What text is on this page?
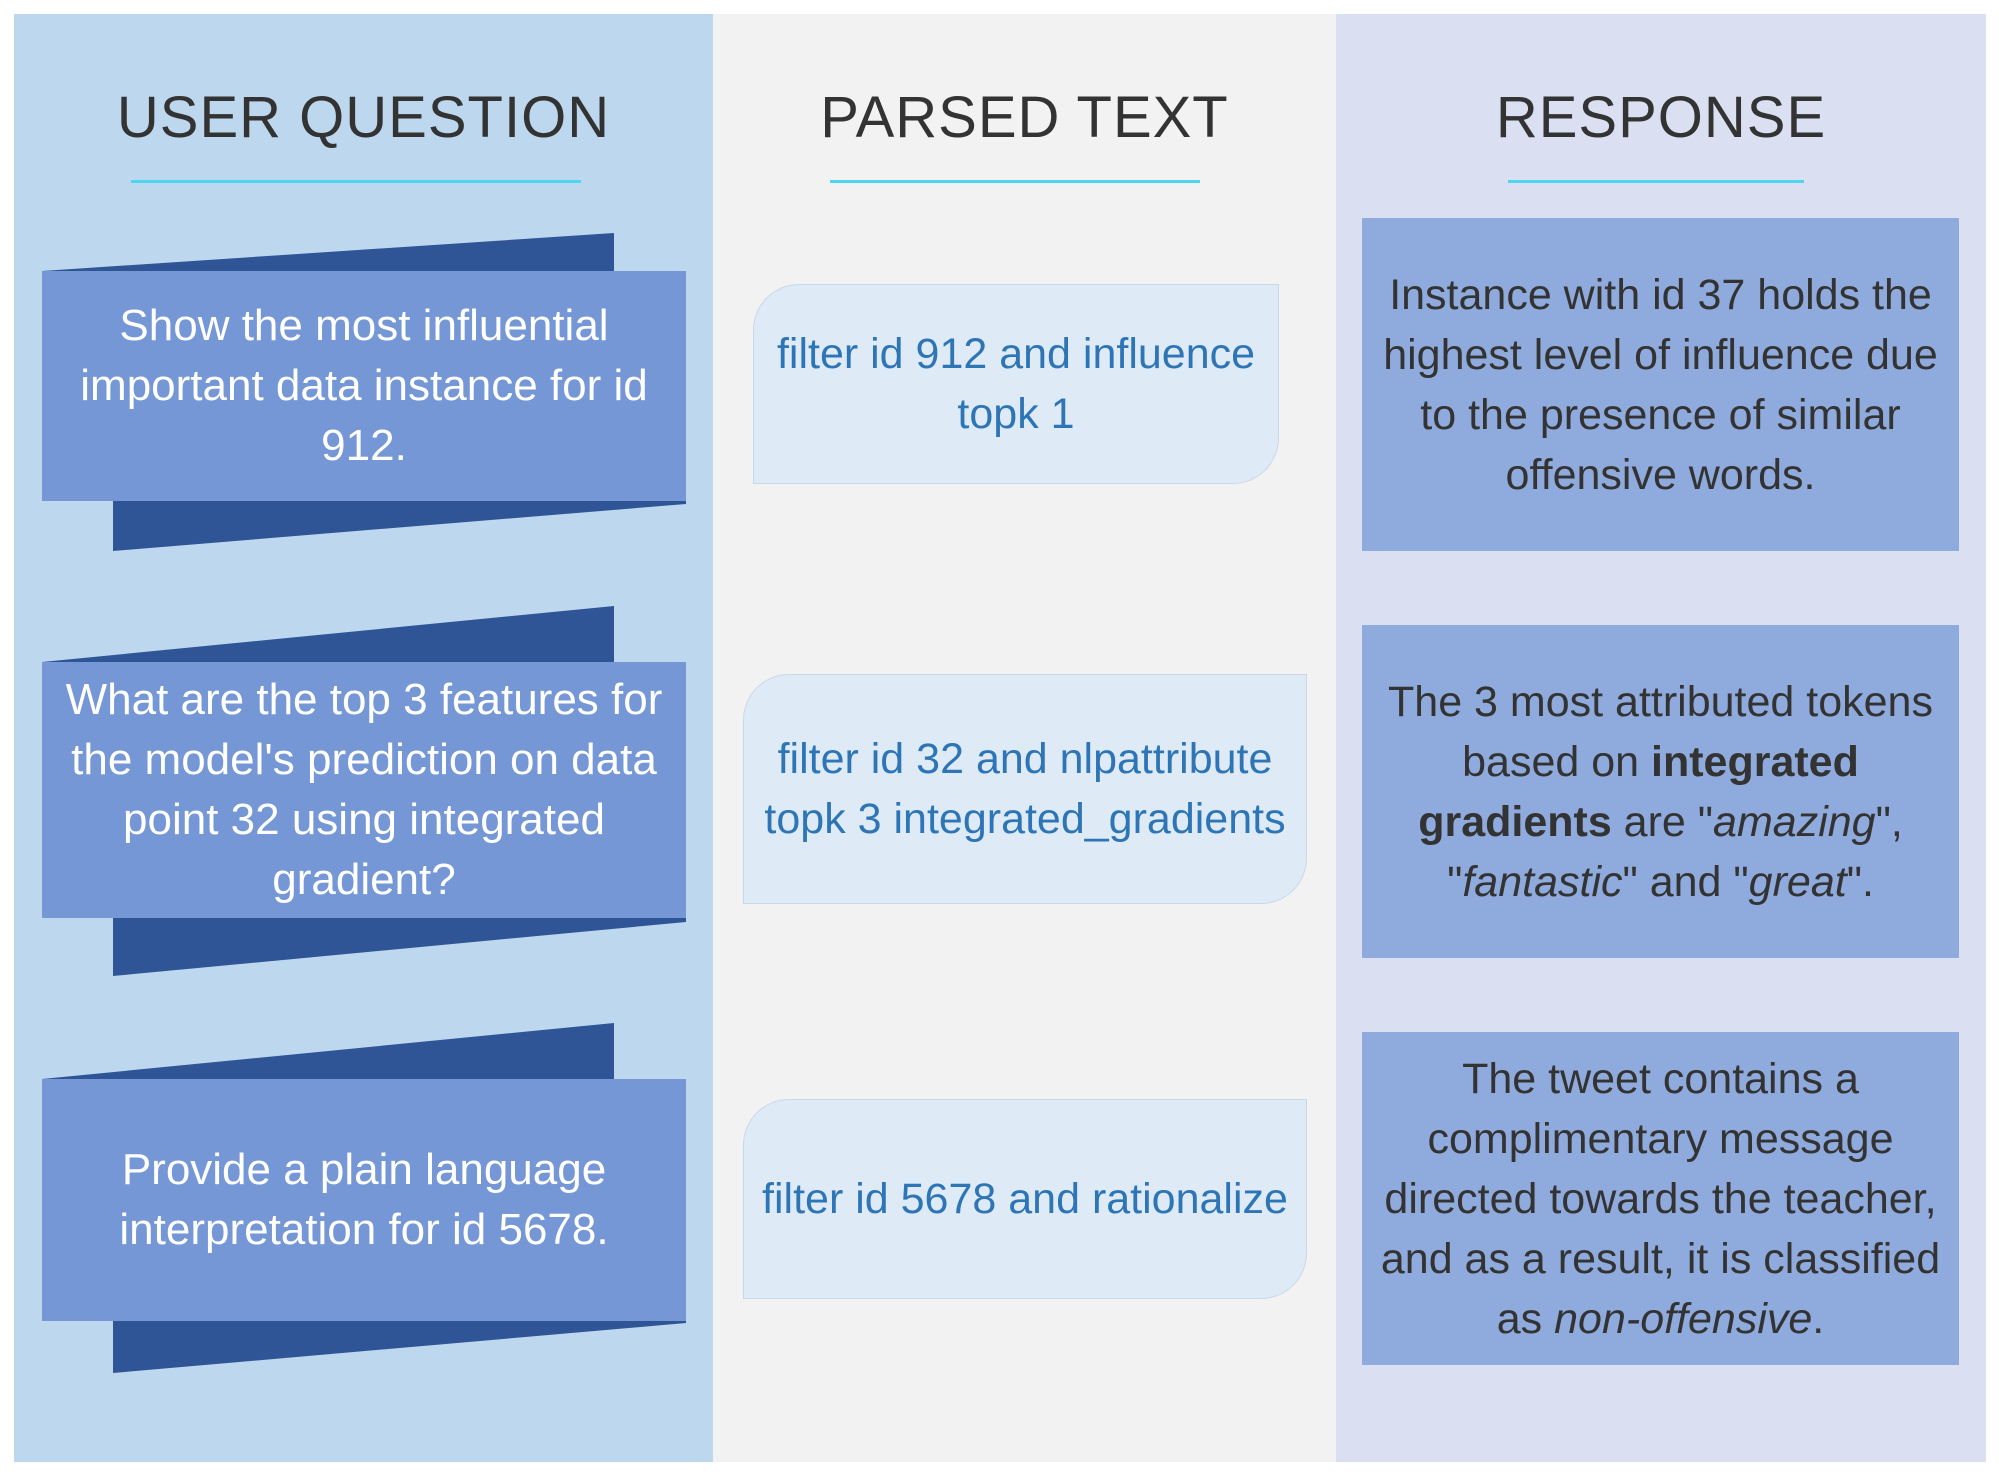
USER QUESTION
Show the most influential important data instance for id 912.
What are the top 3 features for the model's prediction on data point 32 using integrated gradient?
Provide a plain language interpretation for id 5678.
PARSED TEXT
filter id 912 and influence topk 1
filter id 32 and nlpattribute topk 3 integrated_gradients
filter id 5678 and rationalize
RESPONSE
Instance with id 37 holds the highest level of influence due to the presence of similar offensive words.
The 3 most attributed tokens based on integrated gradients are "amazing", "fantastic" and "great".
The tweet contains a complimentary message directed towards the teacher, and as a result, it is classified as non-offensive.
